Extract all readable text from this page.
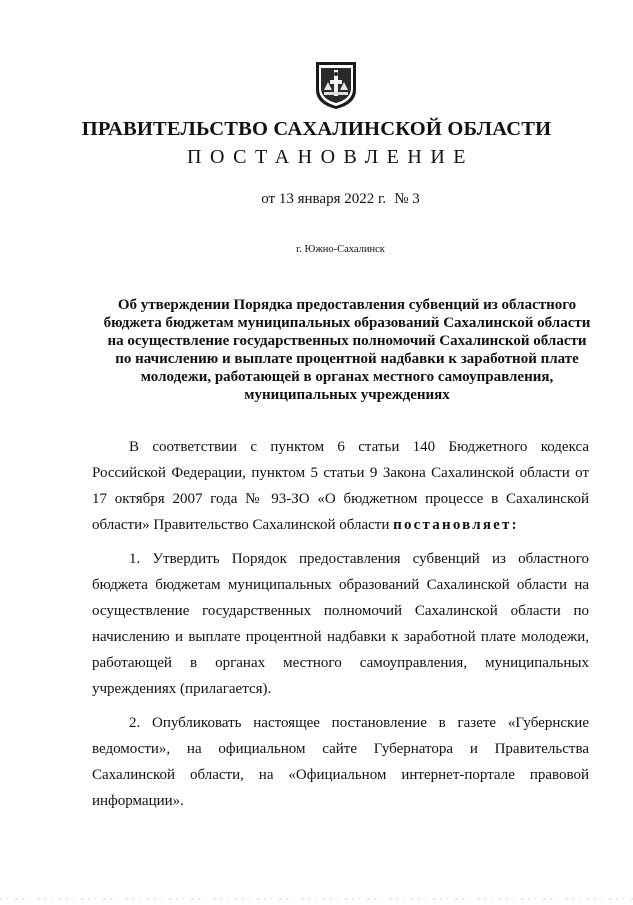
ПРАВИТЕЛЬСТВО САХАЛИНСКОЙ ОБЛАСТИ
ПОСТАНОВЛЕНИЕ
от 13 января 2022 г. № 3
г. Южно-Сахалинск
Об утверждении Порядка предоставления субвенций из областного
бюджета бюджетам муниципальных образований Сахалинской области
на осуществление государственных полномочий Сахалинской области
по начислению и выплате процентной надбавки к заработной плате
молодежи, работающей в органах местного самоуправления,
муниципальных учреждениях
В соответствии с пунктом 6 статьи 140 Бюджетного кодекса
Российской Федерации, пунктом 5 статьи 9 Закона Сахалинской области от
17 октября 2007 года № 93-ЗО «О бюджетном процессе в Сахалинской
области» Правительство Сахалинской области постановляет:
1. Утвердить Порядок предоставления субвенций из областного
бюджета бюджетам муниципальных образований Сахалинской области на
осуществление государственных полномочий Сахалинской области по
начислению и выплате процентной надбавки к заработной плате молодежи,
работающей в органах местного самоуправления, муниципальных
учреждениях (прилагается).
2. Опубликовать настоящее постановление в газете «Губернские
ведомости», на официальном сайте Губернатора и Правительства
Сахалинской области, на «Официальном интернет-портале правовой
информации».
